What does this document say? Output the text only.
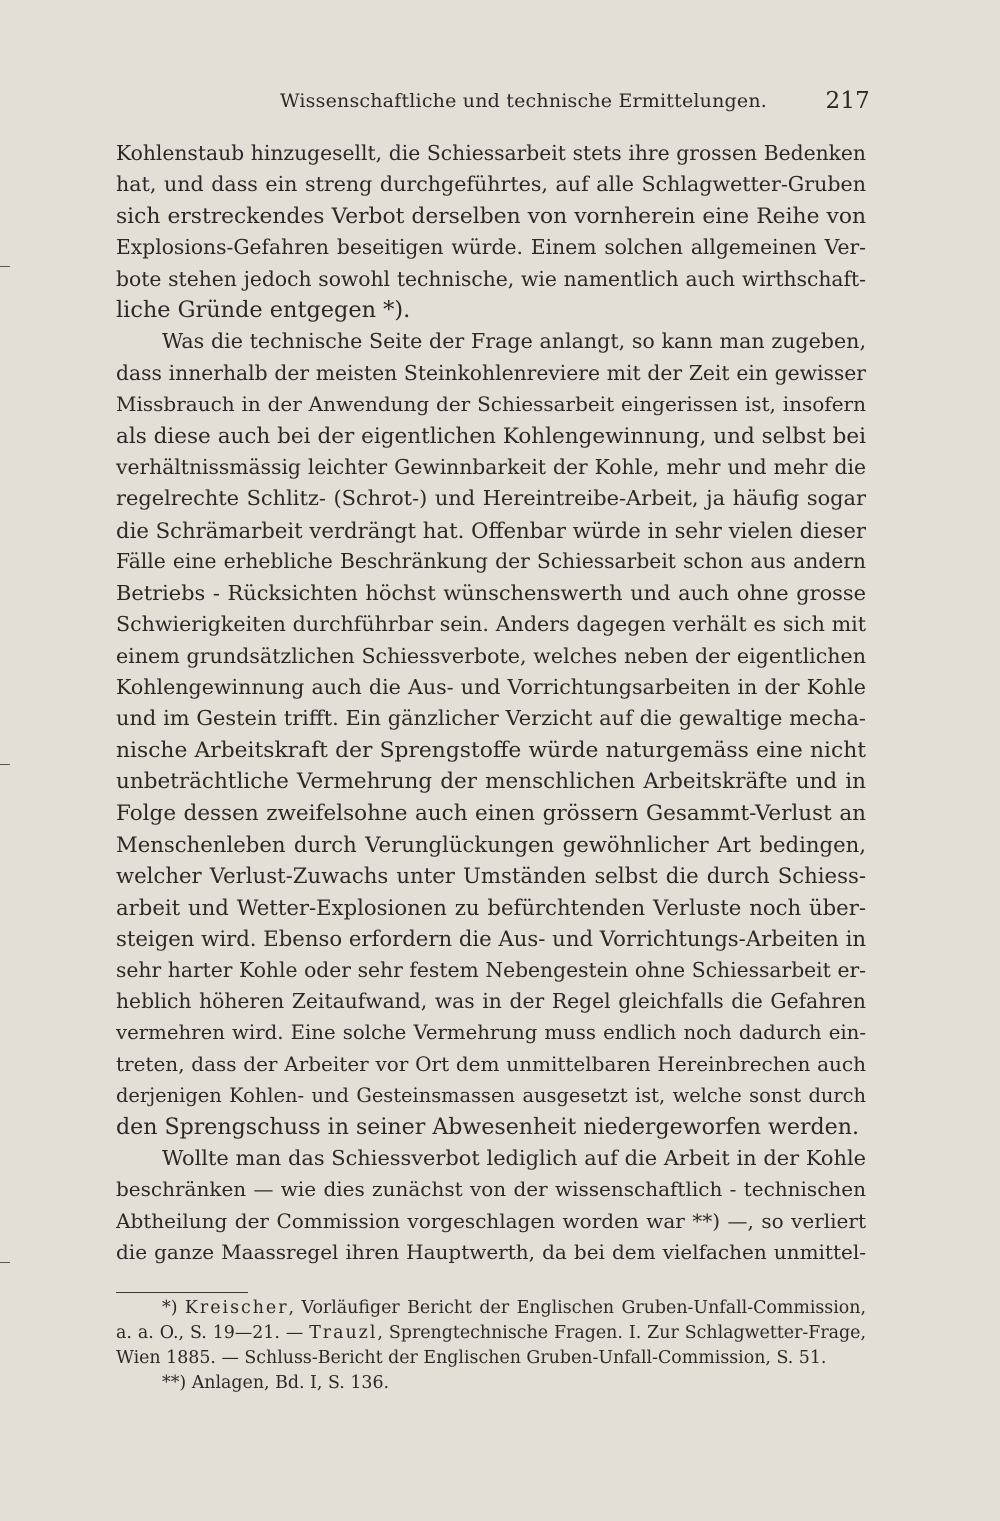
Wissenschaftliche und technische Ermittelungen.	217
Kohlenstaub hinzugesellt, die Schiessarbeit stets ihre grossen Bedenken
hat, und dass ein streng durchgeführtes, auf alle Schlagwetter-Gruben
sich erstreckendes Verbot derselben von vornherein eine Reihe von
Explosions-Gefahren beseitigen würde. Einem solchen allgemeinen Ver-
bote stehen jedoch sowohl technische, wie namentlich auch wirthschaft-
liche Gründe entgegen *).
Was die technische Seite der Frage anlangt, so kann man zugeben,
dass innerhalb der meisten Steinkohlenreviere mit der Zeit ein gewisser
Missbrauch in der Anwendung der Schiessarbeit eingerissen ist, insofern
als diese auch bei der eigentlichen Kohlengewinnung, und selbst bei
verhältnissmässig leichter Gewinnbarkeit der Kohle, mehr und mehr die
regelrechte Schlitz- (Schrot-) und Hereintreibe-Arbeit, ja häufig sogar
die Schrämarbeit verdrängt hat. Offenbar würde in sehr vielen dieser
Fälle eine erhebliche Beschränkung der Schiessarbeit schon aus andern
Betriebs - Rücksichten höchst wünschenswerth und auch ohne grosse
Schwierigkeiten durchführbar sein. Anders dagegen verhält es sich mit
einem grundsätzlichen Schiessverbote, welches neben der eigentlichen
Kohlengewinnung auch die Aus- und Vorrichtungsarbeiten in der Kohle
und im Gestein trifft. Ein gänzlicher Verzicht auf die gewaltige mecha-
nische Arbeitskraft der Sprengstoffe würde naturgemäss eine nicht
unbeträchtliche Vermehrung der menschlichen Arbeitskräfte und in
Folge dessen zweifelsohne auch einen grössern Gesammt-Verlust an
Menschenleben durch Verunglückungen gewöhnlicher Art bedingen,
welcher Verlust-Zuwachs unter Umständen selbst die durch Schiess-
arbeit und Wetter-Explosionen zu befürchtenden Verluste noch über-
steigen wird. Ebenso erfordern die Aus- und Vorrichtungs-Arbeiten in
sehr harter Kohle oder sehr festem Nebengestein ohne Schiessarbeit er-
heblich höheren Zeitaufwand, was in der Regel gleichfalls die Gefahren
vermehren wird. Eine solche Vermehrung muss endlich noch dadurch ein-
treten, dass der Arbeiter vor Ort dem unmittelbaren Hereinbrechen auch
derjenigen Kohlen- und Gesteinsmassen ausgesetzt ist, welche sonst durch
den Sprengschuss in seiner Abwesenheit niedergeworfen werden.
Wollte man das Schiessverbot lediglich auf die Arbeit in der Kohle
beschränken — wie dies zunächst von der wissenschaftlich - technischen
Abtheilung der Commission vorgeschlagen worden war **) —, so verliert
die ganze Maassregel ihren Hauptwerth, da bei dem vielfachen unmittel-
*) Kreischer, Vorläufiger Bericht der Englischen Gruben-Unfall-Commission,
a. a. O., S. 19—21. — Trauzl, Sprengtechnische Fragen. I. Zur Schlagwetter-Frage,
Wien 1885. — Schluss-Bericht der Englischen Gruben-Unfall-Commission, S. 51.
**) Anlagen, Bd. I, S. 136.
